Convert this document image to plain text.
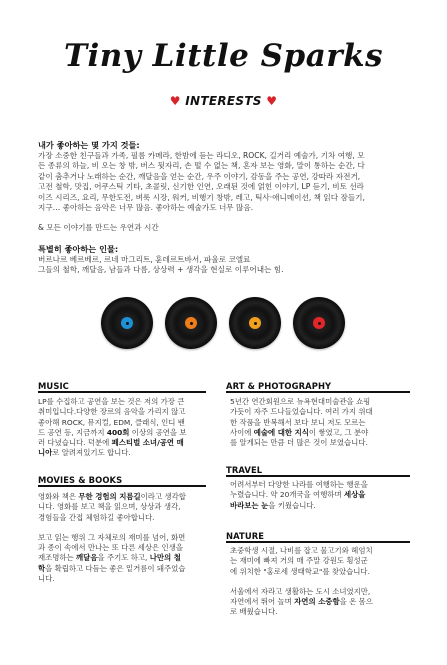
Tiny Little Sparks
♥ INTERESTS ♥
내가 좋아하는 몇 가지 것들:
가장 소중한 친구들과 가족, 필름 카메라, 한밤에 듣는 라디오, ROCK, 길거리 예술가, 기차 여행, 모
든 종류의 하늘, 비 오는 창 밖, 버스 뒷자리, 손 떨 수 없는 책, 혼자 보는 영화, 말이 통하는 순간, 다
같이 춤추거나 노래하는 순간, 깨달음을 얻는 순간, 우주 이야기, 감동을 주는 공연, 강따라 자전거,
고전 철학, 맛집, 어쿠스틱 기타, 초콜릿, 신기한 인연, 오래된 것에 얽힌 이야기, LP 듣기, 비토 선라
이즈 시리즈, 요리, 무한도전, 벼룩 시장, 워커, 비행기 창밖, 레고, 틱사·애니메이션, 책 읽다 잠들기,
지구… 좋아하는 음악은 너무 많음. 좋아하는 예술가도 너무 많음.
& 모든 이야기를 만드는 우연과 시간
특별히 좋아하는 인물:
버르나르 베르베르, 르네 마그리트, 훈데르트바서, 파울로 코엘료
그들의 철학, 깨달음, 남들과 다름, 상상력 + 생각을 현실로 이루어내는 힘.
MUSIC
LP를 수집하고 공연을 보는 것은 저의 가장 큰
취미입니다.다양한 장르의 음악을 가리지 않고
좋아해 ROCK, 뮤지컬, EDM, 클래식, 인디 밴
드 공연 등, 지금까지 400회 이상의 공연을 보
러 다녔습니다. 덕분에 페스티벌 소녀/공연 매
니아로 알려져있기도 합니다.
MOVIES & BOOKS
영화와 책은 무한 경험의 지름길이라고 생각합
니다. 영화를 보고 책을 읽으며, 상상과 생각,
경험들을 간접 체험하길 좋아합니다.
보고 읽는 행위 그 자체로의 재미를 넘어, 화면
과 종이 속에서 만나는 또 다른 세상은 인생을
재조명하는 깨달음을 주기도 하고, 나만의 철
학을 확립하고 다듬는 좋은 밑거름이 돼주었습
니다.
ART & PHOTOGRAPHY
5년간 연간회원으로 뉴욕현대미술관을 쇼핑
가듯이 자주 드나들었습니다. 여러 가지 위대
한 작품을 반복해서 보다 보니 저도 모르는
사이에 예술에 대한 지식이 쌓였고, 그 분야
를 알게되는 만큼 더 많은 것이 보였습니다.
TRAVEL
어려서부터 다양한 나라를 여행하는 행운을
누렸습니다. 약 20개국을 여행하며 세상을
바라보는 눈을 키웠습니다.
NATURE
초중학생 시절, 나비를 잡고 물고기와 헤엄치
는 재미에 빠져 거의 매 주말 강원도 횡성군
에 위치한 "홍로세 생태학교"를 찾았습니다.
서울에서 자라고 생활하는 도시 소녀였지만,
자연에서 뛰어 놀며 자연의 소중함을 온 몸으
로 배웠습니다.
